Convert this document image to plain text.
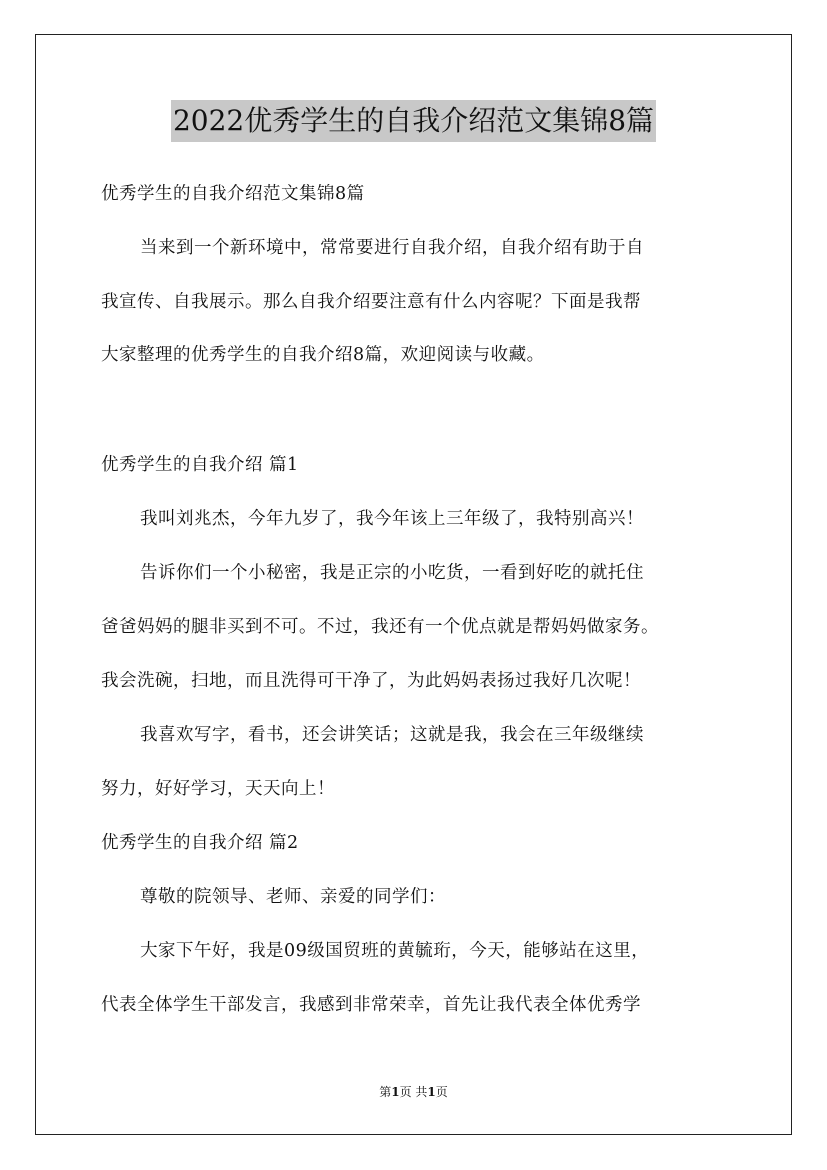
2022优秀学生的自我介绍范文集锦8篇
优秀学生的自我介绍范文集锦8篇
当来到一个新环境中，常常要进行自我介绍，自我介绍有助于自
我宣传、自我展示。那么自我介绍要注意有什么内容呢？下面是我帮
大家整理的优秀学生的自我介绍8篇，欢迎阅读与收藏。
优秀学生的自我介绍 篇1
我叫刘兆杰，今年九岁了，我今年该上三年级了，我特别高兴！
告诉你们一个小秘密，我是正宗的小吃货，一看到好吃的就托住
爸爸妈妈的腿非买到不可。不过，我还有一个优点就是帮妈妈做家务。
我会洗碗，扫地，而且洗得可干净了，为此妈妈表扬过我好几次呢！
我喜欢写字，看书，还会讲笑话；这就是我，我会在三年级继续
努力，好好学习，天天向上！
优秀学生的自我介绍 篇2
尊敬的院领导、老师、亲爱的同学们：
大家下午好，我是09级国贸班的黄毓珩，今天，能够站在这里，
代表全体学生干部发言，我感到非常荣幸，首先让我代表全体优秀学
第1页 共1页
